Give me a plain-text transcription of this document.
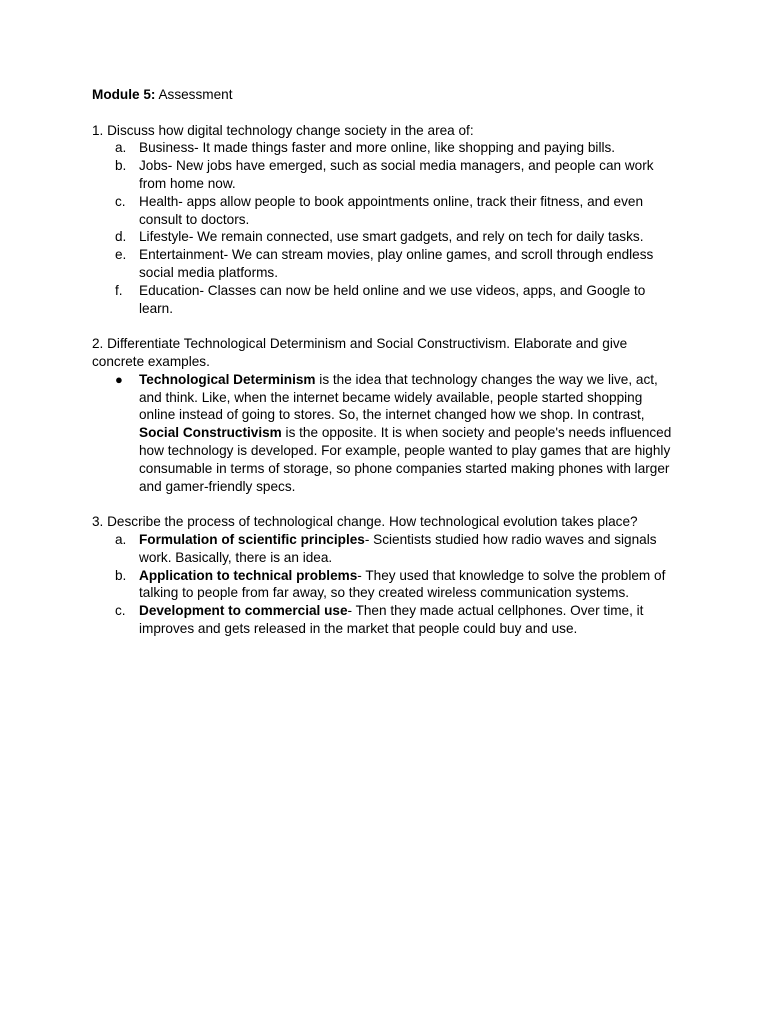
Module 5: Assessment

1. Discuss how digital technology change society in the area of:

a. Business- It made things faster and more online, like shopping and paying bills.

b. Jobs- New jobs have emerged, such as social media managers, and people can work from home now.

c. Health- apps allow people to book appointments online, track their fitness, and even consult to doctors.

d. Lifestyle- We remain connected, use smart gadgets, and rely on tech for daily tasks.

e. Entertainment- We can stream movies, play online games, and scroll through endless social media platforms.

f.	Education- Classes can now be held online and we use videos, apps, and Google to learn.

2. Differentiate Technological Determinism and Social Constructivism. Elaborate and give concrete examples.

● Technological Determinism is the idea that technology changes the way we live, act, and think. Like, when the internet became widely available, people started shopping online instead of going to stores. So, the internet changed how we shop. In contrast, Social Constructivism is the opposite. It is when society and people's needs influenced how technology is developed. For example, people wanted to play games that are highly consumable in terms of storage, so phone companies started making phones with larger and gamer-friendly specs.

3. Describe the process of technological change. How technological evolution takes place?

a. Formulation of scientific principles- Scientists studied how radio waves and signals work. Basically, there is an idea.

b. Application to technical problems- They used that knowledge to solve the problem of talking to people from far away, so they created wireless communication systems.

c. Development to commercial use- Then they made actual cellphones. Over time, it improves and gets released in the market that people could buy and use.
